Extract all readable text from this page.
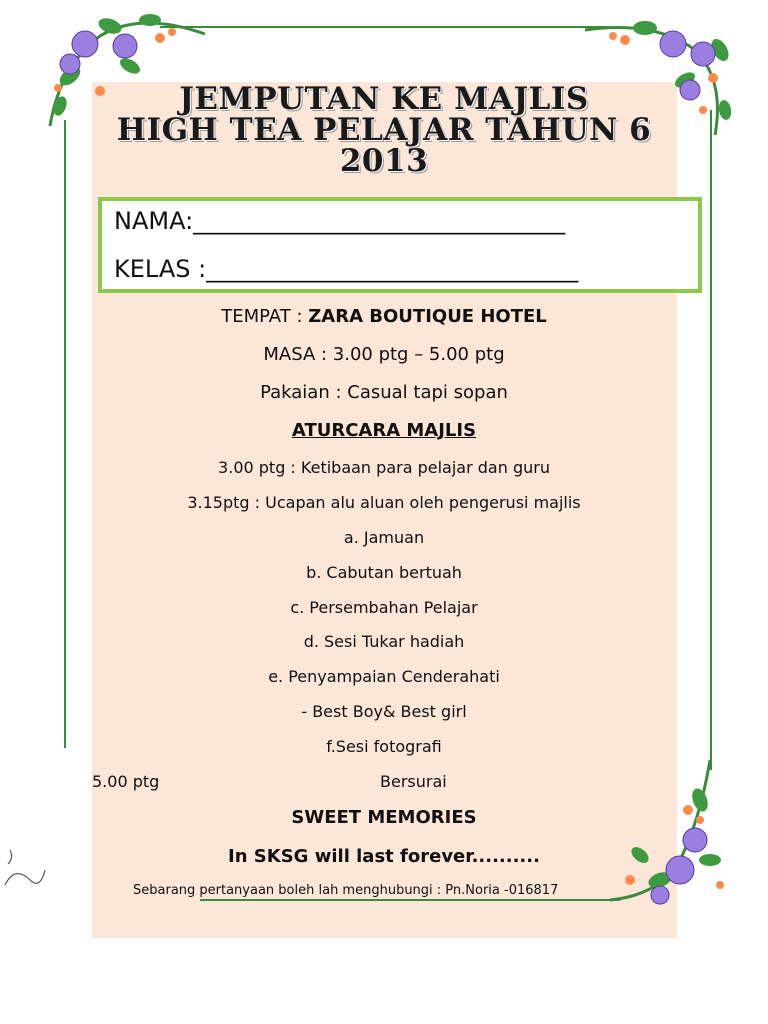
JEMPUTAN KE MAJLIS
HIGH TEA PELAJAR TAHUN 6
2013
NAMA:_______________________________
KELAS :_______________________________
TEMPAT : ZARA BOUTIQUE HOTEL
MASA : 3.00 ptg – 5.00 ptg
Pakaian : Casual tapi sopan
ATURCARA MAJLIS
3.00 ptg : Ketibaan para pelajar dan guru
3.15ptg : Ucapan alu aluan oleh pengerusi majlis
a. Jamuan
b. Cabutan bertuah
c. Persembahan Pelajar
d. Sesi Tukar hadiah
e. Penyampaian Cenderahati
- Best Boy& Best girl
f.Sesi fotografi
5.00 ptg	Bersurai
SWEET MEMORIES
In SKSG will last forever..........
Sebarang pertanyaan boleh lah menghubungi : Pn.Noria -016817
